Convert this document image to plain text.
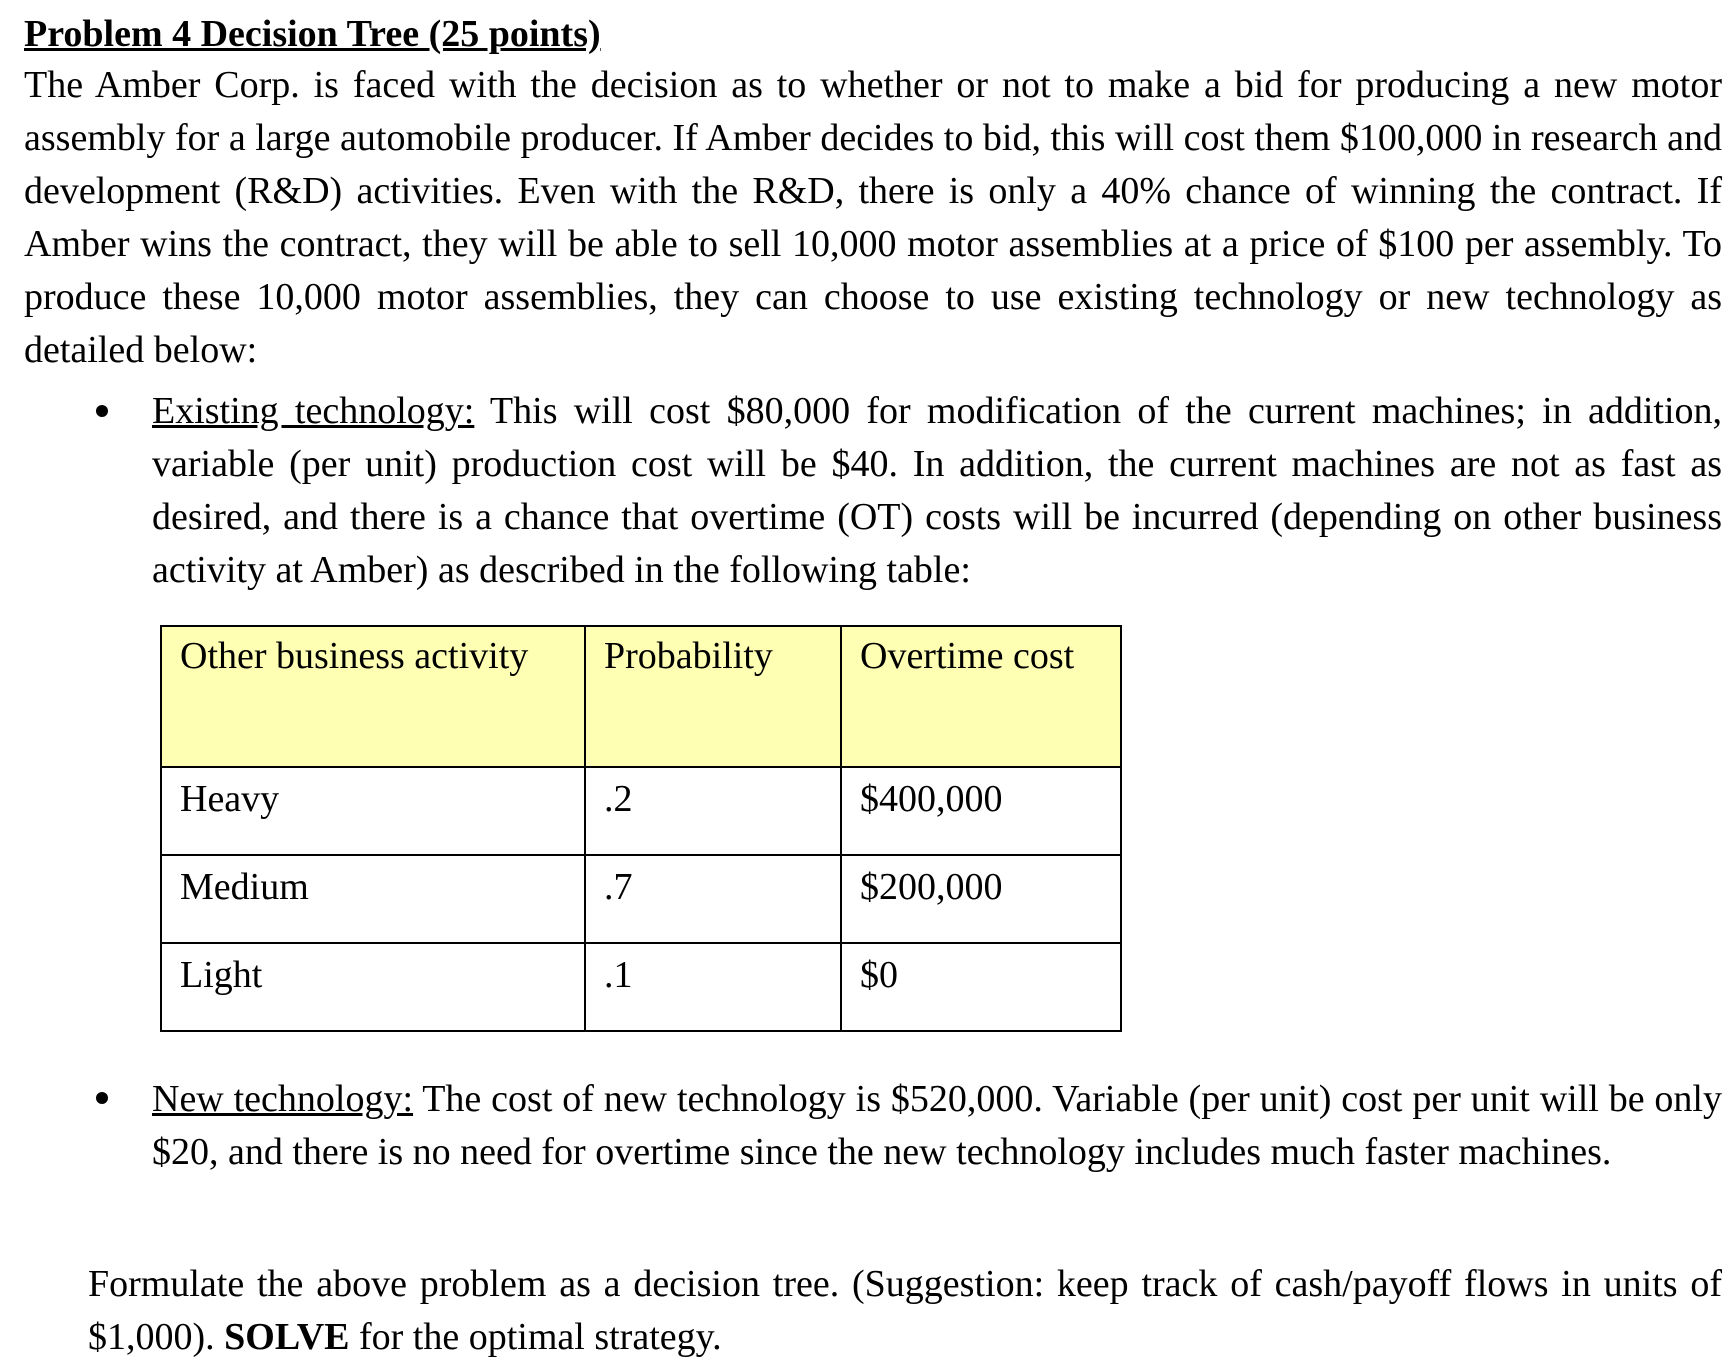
Problem 4 Decision Tree (25 points)
The Amber Corp. is faced with the decision as to whether or not to make a bid for producing a new motor assembly for a large automobile producer. If Amber decides to bid, this will cost them $100,000 in research and development (R&D) activities. Even with the R&D, there is only a 40% chance of winning the contract. If Amber wins the contract, they will be able to sell 10,000 motor assemblies at a price of $100 per assembly. To produce these 10,000 motor assemblies, they can choose to use existing technology or new technology as detailed below:
Existing technology: This will cost $80,000 for modification of the current machines; in addition, variable (per unit) production cost will be $40. In addition, the current machines are not as fast as desired, and there is a chance that overtime (OT) costs will be incurred (depending on other business activity at Amber) as described in the following table:
Other business activity	Probability	Overtime cost
Heavy	.2	$400,000
Medium	.7	$200,000
Light	.1	$0
New technology: The cost of new technology is $520,000. Variable (per unit) cost per unit will be only $20, and there is no need for overtime since the new technology includes much faster machines.
Formulate the above problem as a decision tree. (Suggestion: keep track of cash/payoff flows in units of $1,000). SOLVE for the optimal strategy.
